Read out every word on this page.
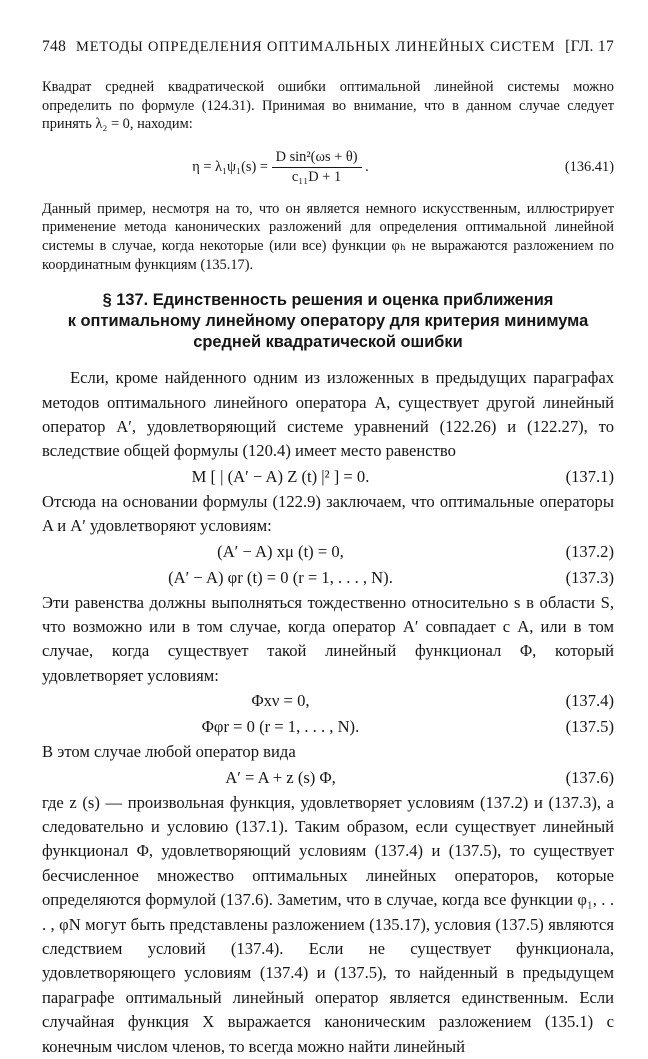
748 МЕТОДЫ ОПРЕДЕЛЕНИЯ ОПТИМАЛЬНЫХ ЛИНЕЙНЫХ СИСТЕМ [ГЛ. 17

Квадрат средней квадратической ошибки оптимальной линейной системы можно определить по формуле (124.31). Принимая во внимание, что в данном случае следует принять λ₂ = 0, находим:

$\eta = \lambda_1\psi_1(s) = \frac{\text{D sin²(ωs + θ)}}{\text{c₁₁D + 1}}$ .	(136.41)

Данный пример, несмотря на то, что он является немного искусственным, иллюстрирует применение метода канонических разложений для определения оптимальной линейной системы в случае, когда некоторые (или все) функции φₕ не выражаются разложением по координатным функциям (135.17).

§ 137. Единственность решения и оценка приближения
к оптимальному линейному оператору для критерия минимума
средней квадратической ошибки

Если, кроме найденного одним из изложенных в предыдущих параграфах методов оптимального линейного оператора A, существует другой линейный оператор A′, удовлетворяющий системе уравнений (122.26) и (122.27), то вследствие общей формулы (120.4) имеет место равенство

M [ | (A′ − A) Z (t) |² ] = 0.	(137.1)

Отсюда на основании формулы (122.9) заключаем, что оптимальные операторы A и A′ удовлетворяют условиям:

(A′ − A) xμ (t) = 0,	(137.2)
(A′ − A) φr (t) = 0 (r = 1, . . . , N).	(137.3)

Эти равенства должны выполняться тождественно относительно s в области S, что возможно или в том случае, когда оператор A′ совпадает с A, или в том случае, когда существует такой линейный функционал Φ, который удовлетворяет условиям:

Φxν = 0,	(137.4)
Φφr = 0 (r = 1, . . . , N).	(137.5)

В этом случае любой оператор вида

A′ = A + z (s) Φ,	(137.6)

где z (s) — произвольная функция, удовлетворяет условиям (137.2) и (137.3), а следовательно и условию (137.1). Таким образом, если существует линейный функционал Φ, удовлетворяющий условиям (137.4) и (137.5), то существует бесчисленное множество оптимальных линейных операторов, которые определяются формулой (137.6). Заметим, что в случае, когда все функции φ₁, . . . , φN могут быть представлены разложением (135.17), условия (137.5) являются следствием условий (137.4). Если не существует функционала, удовлетворяющего условиям (137.4) и (137.5), то найденный в предыдущем параграфе оптимальный линейный оператор является единственным. Если случайная функция X выражается каноническим разложением (135.1) с конечным числом членов, то всегда можно найти линейный
